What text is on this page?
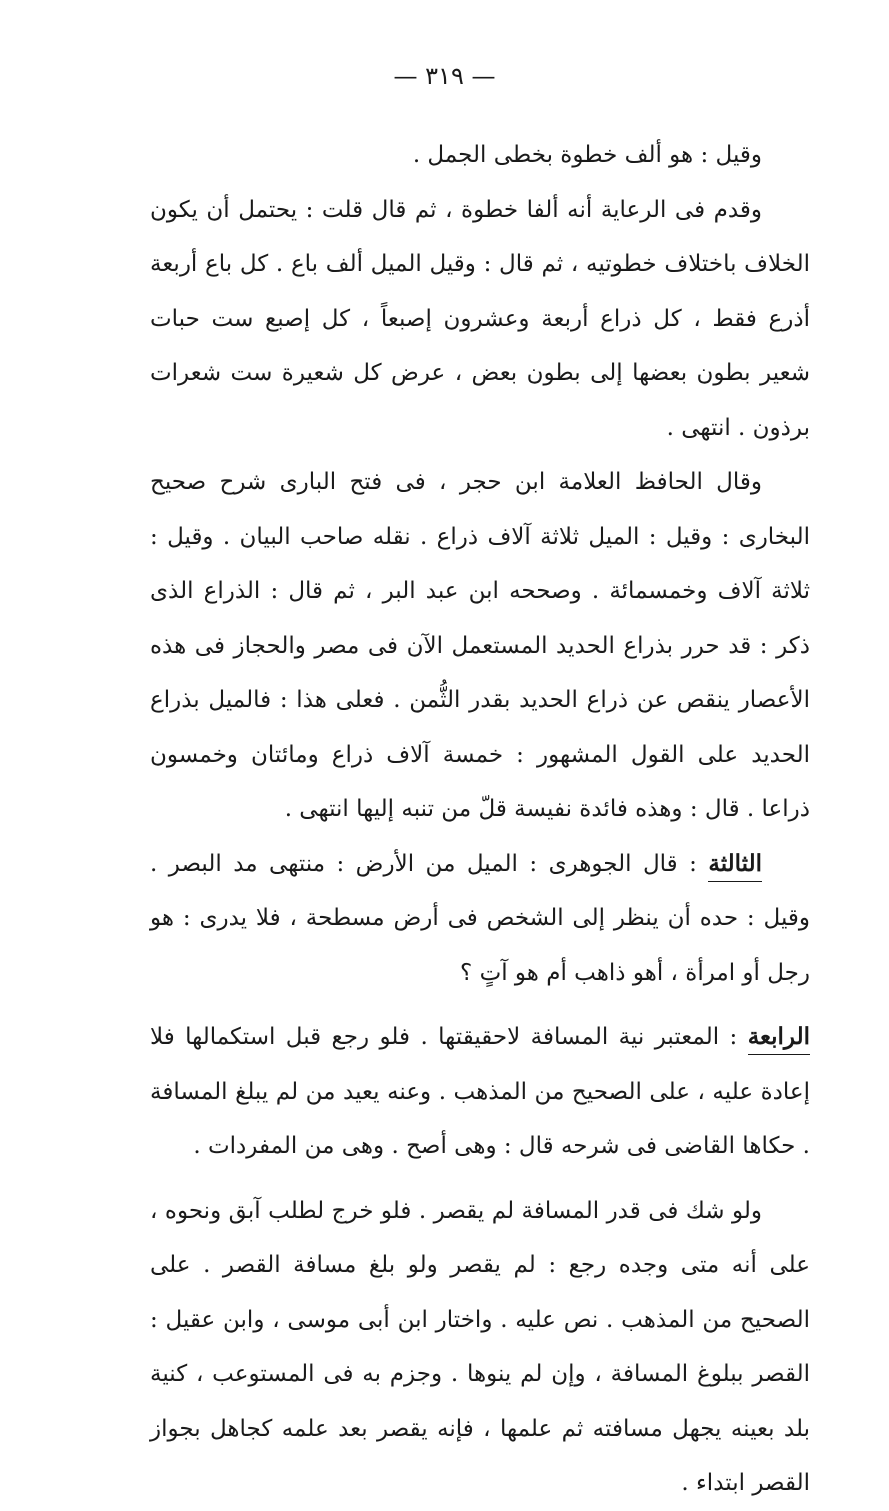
— ٣١٩ —

وقيل : هو ألف خطوة بخطى الجمل .

وقدم فى الرعاية أنه ألفا خطوة ، ثم قال قلت : يحتمل أن يكون الخلاف باختلاف خطوتيه ، ثم قال : وقيل الميل ألف باع . كل باع أربعة أذرع فقط ، كل ذراع أربعة وعشرون إصبعاً ، كل إصبع ست حبات شعير بطون بعضها إلى بطون بعض ، عرض كل شعيرة ست شعرات برذون . انتهى .

وقال الحافظ العلامة ابن حجر ، فى فتح البارى شرح صحيح البخارى : وقيل : الميل ثلاثة آلاف ذراع . نقله صاحب البيان . وقيل : ثلاثة آلاف وخمسمائة . وصححه ابن عبد البر ، ثم قال : الذراع الذى ذكر : قد حرر بذراع الحديد المستعمل الآن فى مصر والحجاز فى هذه الأعصار ينقص عن ذراع الحديد بقدر الثُّمن . فعلى هذا : فالميل بذراع الحديد على القول المشهور : خمسة آلاف ذراع ومائتان وخمسون ذراعا . قال : وهذه فائدة نفيسة قلّ من تنبه إليها انتهى .

الثالثة : قال الجوهرى : الميل من الأرض : منتهى مد البصر . وقيل : حده أن ينظر إلى الشخص فى أرض مسطحة ، فلا يدرى : هو رجل أو امرأة ، أهو ذاهب أم هو آتٍ ؟

الرابعة : المعتبر نية المسافة لاحقيقتها . فلو رجع قبل استكمالها فلا إعادة عليه ، على الصحيح من المذهب . وعنه يعيد من لم يبلغ المسافة . حكاها القاضى فى شرحه قال : وهى أصح . وهى من المفردات .

ولو شك فى قدر المسافة لم يقصر . فلو خرج لطلب آبق ونحوه ، على أنه متى وجده رجع : لم يقصر ولو بلغ مسافة القصر . على الصحيح من المذهب . نص عليه . واختار ابن أبى موسى ، وابن عقيل : القصر ببلوغ المسافة ، وإن لم ينوها . وجزم به فى المستوعب ، كنية بلد بعينه يجهل مسافته ثم علمها ، فإنه يقصر بعد علمه كجاهل بجواز القصر ابتداء .
